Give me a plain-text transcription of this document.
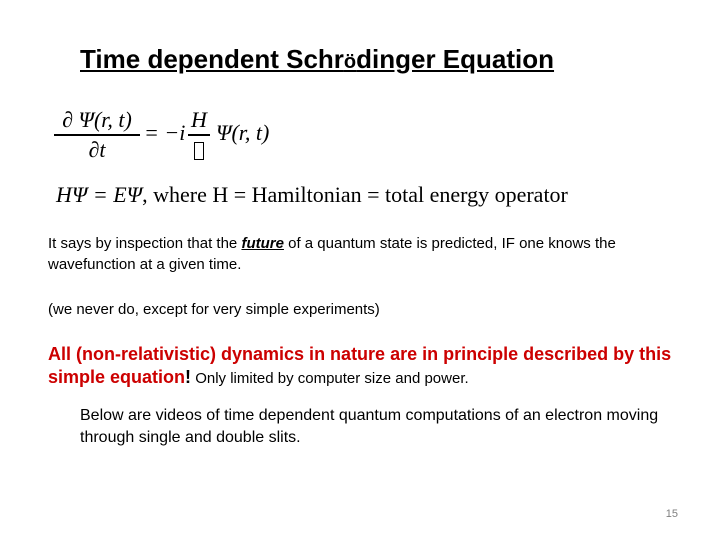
Time dependent Schrödinger Equation
∂ Ψ(r, t)
∂t
= −i
H
Ψ(r, t)
HΨ = EΨ, where H = Hamiltonian = total energy operator

It says by inspection that the future of a quantum state is predicted, IF one knows the wavefunction at a given time.

(we never do, except for very simple experiments)

All (non-relativistic) dynamics in nature are in principle described by this simple equation! Only limited by computer size and power.

Below are videos of time dependent quantum computations of an electron moving through single and double slits.

15
